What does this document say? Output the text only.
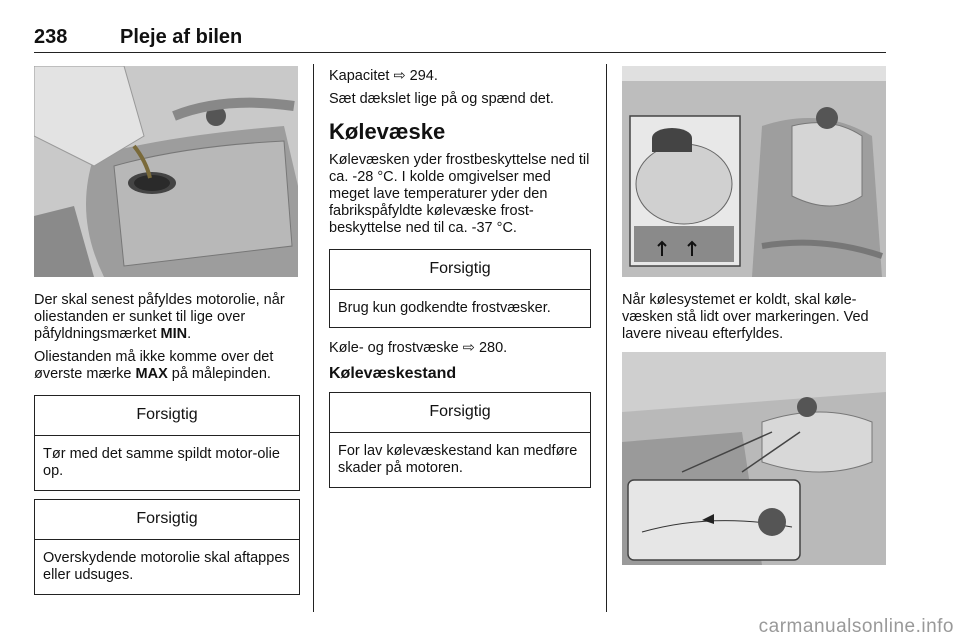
238	Pleje af bilen

Der skal senest påfyldes motorolie, når oliestanden er sunket til lige over påfyldningsmærket MIN.

Oliestanden må ikke komme over det øverste mærke MAX på målepinden.

Forsigtig
Tør med det samme spildt motor-olie op.
Forsigtig
Overskydende motorolie skal aftappes eller udsuges.

Kapacitet ⇨ 294.

Sæt dækslet lige på og spænd det.

Kølevæske

Kølevæsken yder frostbeskyttelse ned til ca. -28 °C. I kolde omgivelser med meget lave temperaturer yder den fabrikspåfyldte kølevæske frost-beskyttelse ned til ca. -37 °C.

Forsigtig
Brug kun godkendte frostvæsker.

Køle- og frostvæske ⇨ 280.

Kølevæskestand
Forsigtig
For lav kølevæskestand kan medføre skader på motoren.

Når kølesystemet er koldt, skal køle-væsken stå lidt over markeringen. Ved lavere niveau efterfyldes.

carmanualsonline.info
